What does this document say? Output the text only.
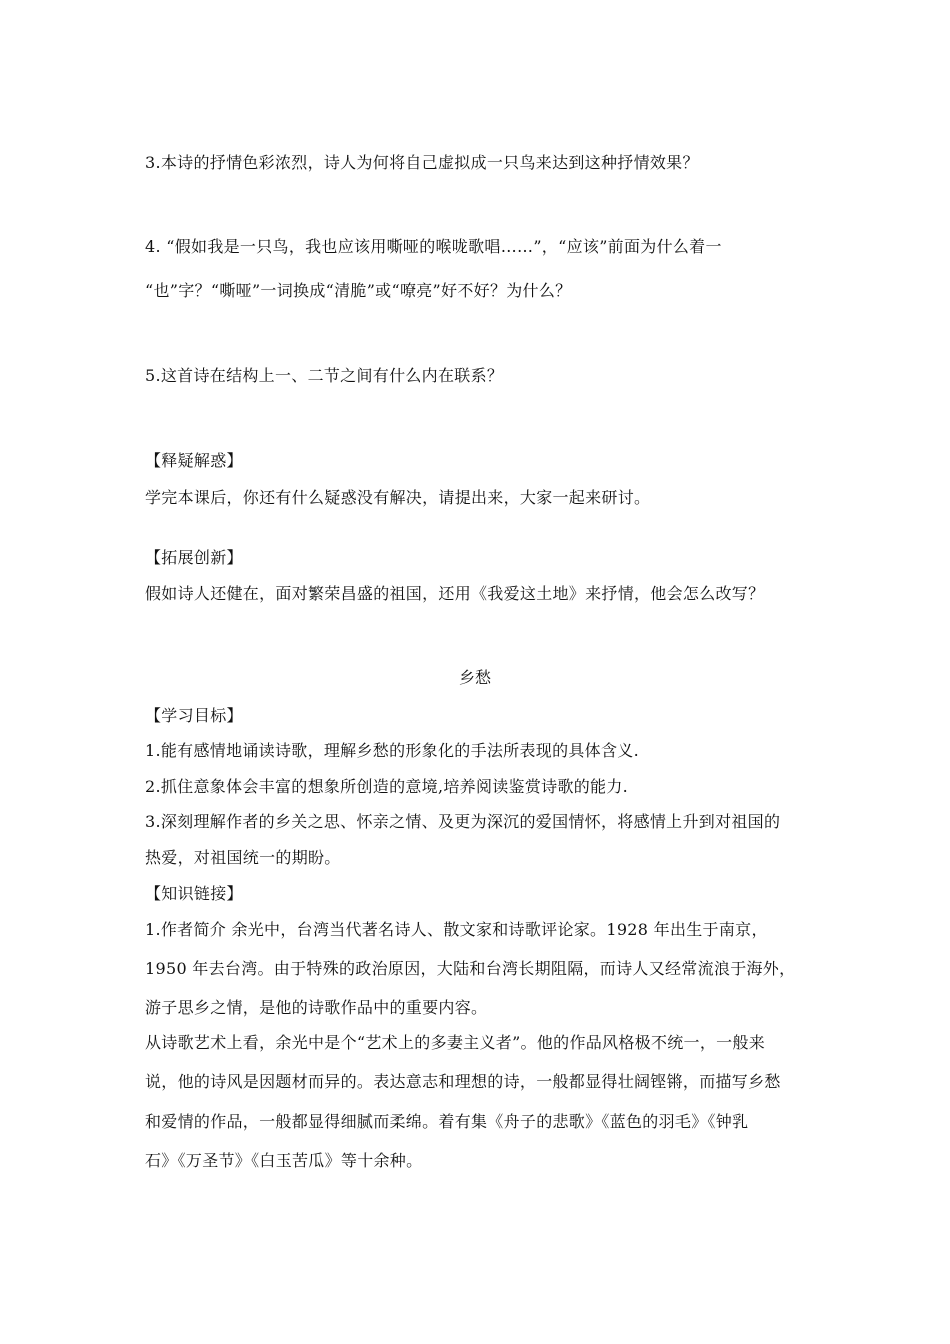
3.本诗的抒情色彩浓烈，诗人为何将自己虚拟成一只鸟来达到这种抒情效果？
4. “假如我是一只鸟，我也应该用嘶哑的喉咙歌唱……”，“应该”前面为什么着一
“也”字？“嘶哑”一词换成“清脆”或“嘹亮”好不好？为什么？
5.这首诗在结构上一、二节之间有什么内在联系？
【释疑解惑】
学完本课后，你还有什么疑惑没有解决，请提出来，大家一起来研讨。
【拓展创新】
假如诗人还健在，面对繁荣昌盛的祖国，还用《我爱这土地》来抒情，他会怎么改写？
乡愁
【学习目标】
1.能有感情地诵读诗歌，理解乡愁的形象化的手法所表现的具体含义.
2.抓住意象体会丰富的想象所创造的意境,培养阅读鉴赏诗歌的能力.
3.深刻理解作者的乡关之思、怀亲之情、及更为深沉的爱国情怀，将感情上升到对祖国的
热爱，对祖国统一的期盼。
【知识链接】
1.作者简介 余光中，台湾当代著名诗人、散文家和诗歌评论家。1928 年出生于南京，
1950 年去台湾。由于特殊的政治原因，大陆和台湾长期阻隔，而诗人又经常流浪于海外，
游子思乡之情，是他的诗歌作品中的重要内容。
从诗歌艺术上看，余光中是个“艺术上的多妻主义者”。他的作品风格极不统一，一般来
说，他的诗风是因题材而异的。表达意志和理想的诗，一般都显得壮阔铿锵，而描写乡愁
和爱情的作品，一般都显得细腻而柔绵。着有集《舟子的悲歌》《蓝色的羽毛》《钟乳
石》《万圣节》《白玉苦瓜》等十余种。
